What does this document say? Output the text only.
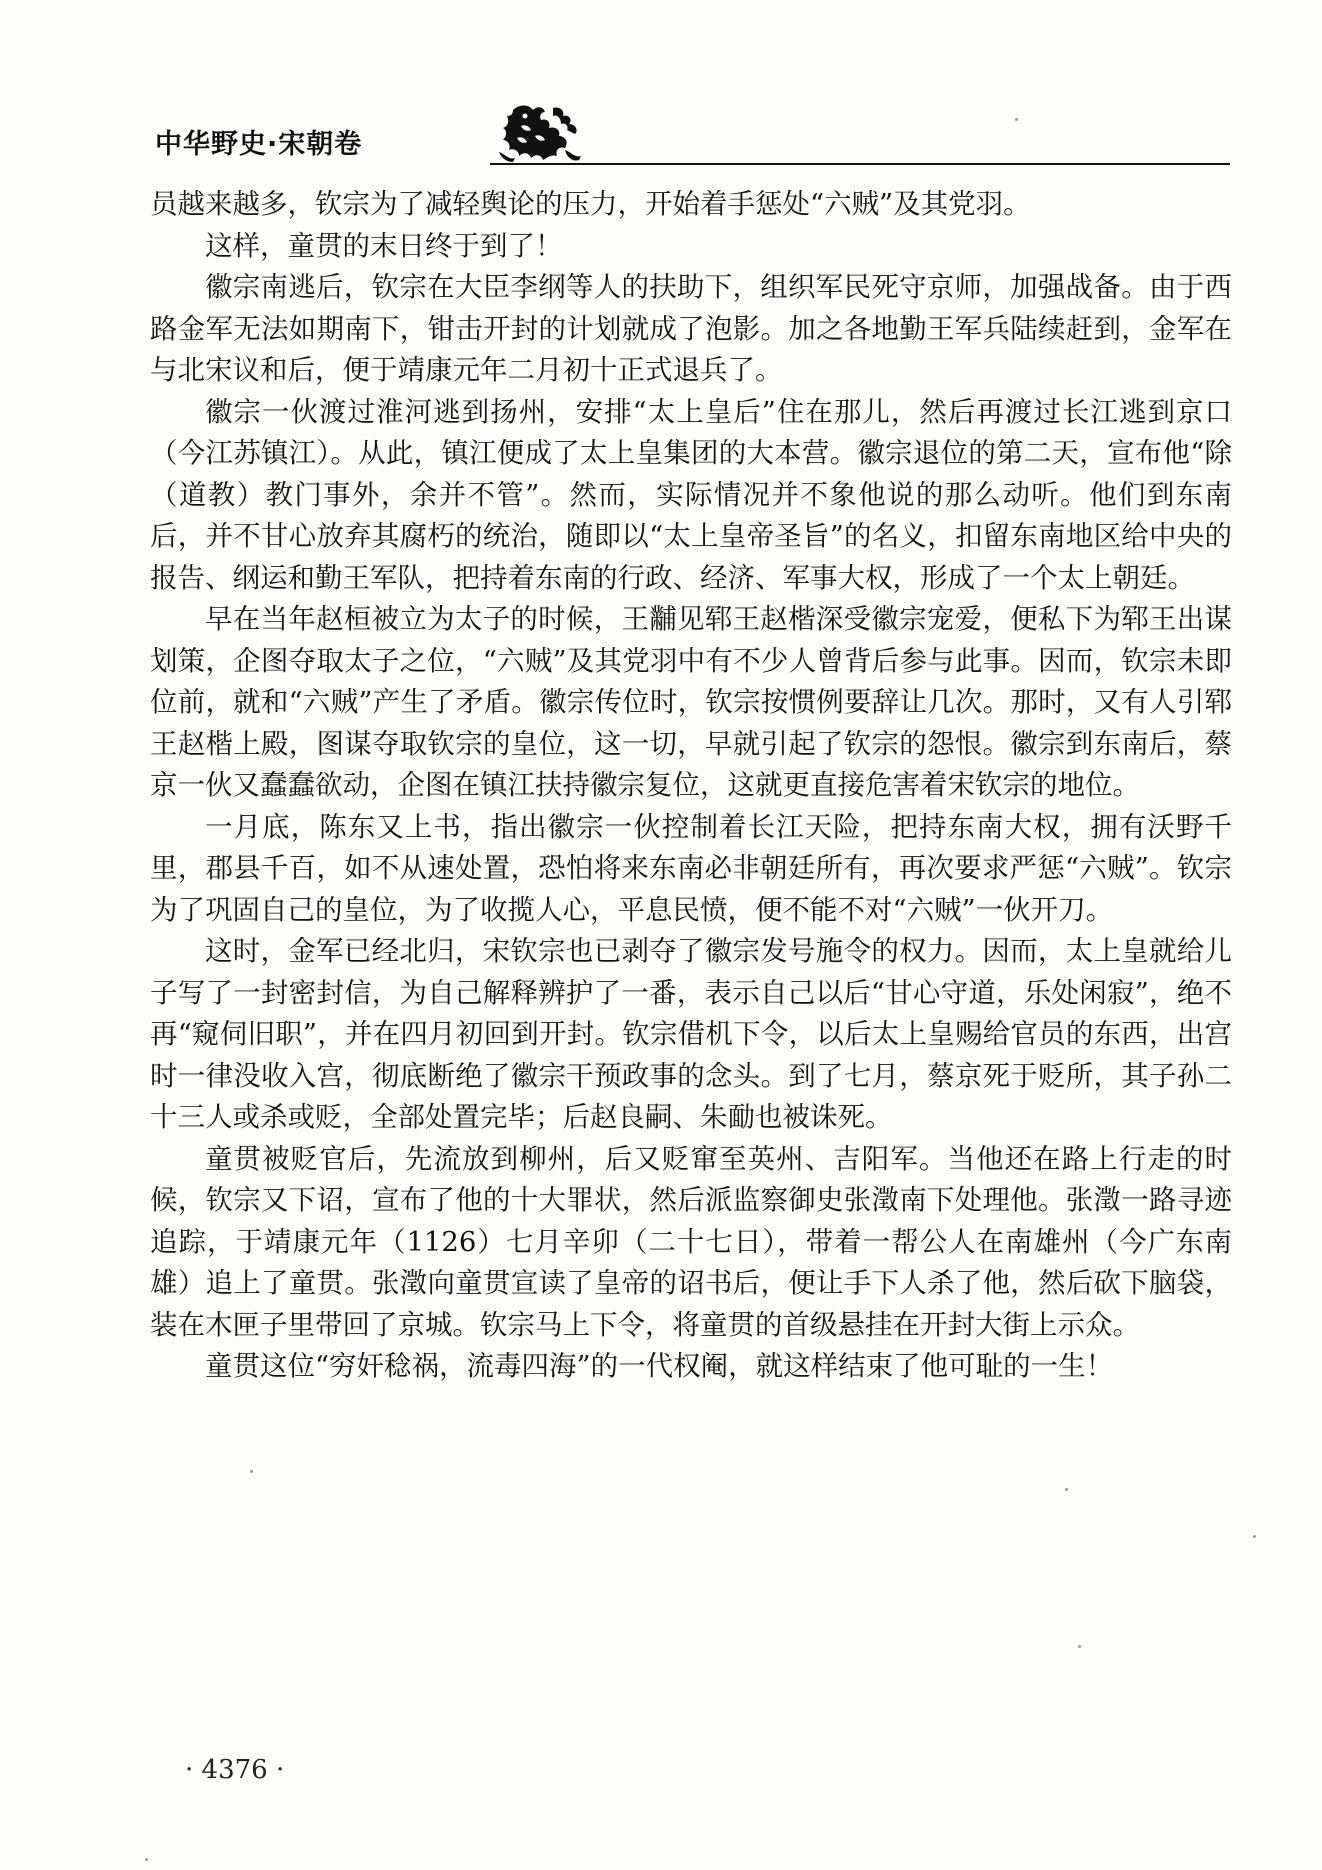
中华野史·宋朝卷

员越来越多，钦宗为了减轻舆论的压力，开始着手惩处“六贼”及其党羽。

这样，童贯的末日终于到了！

徽宗南逃后，钦宗在大臣李纲等人的扶助下，组织军民死守京师，加强战备。由于西路金军无法如期南下，钳击开封的计划就成了泡影。加之各地勤王军兵陆续赶到，金军在与北宋议和后，便于靖康元年二月初十正式退兵了。

徽宗一伙渡过淮河逃到扬州，安排“太上皇后”住在那儿，然后再渡过长江逃到京口（今江苏镇江）。从此，镇江便成了太上皇集团的大本营。徽宗退位的第二天，宣布他“除（道教）教门事外，余并不管”。然而，实际情况并不象他说的那么动听。他们到东南后，并不甘心放弃其腐朽的统治，随即以“太上皇帝圣旨”的名义，扣留东南地区给中央的报告、纲运和勤王军队，把持着东南的行政、经济、军事大权，形成了一个太上朝廷。

早在当年赵桓被立为太子的时候，王黼见郓王赵楷深受徽宗宠爱，便私下为郓王出谋划策，企图夺取太子之位，“六贼”及其党羽中有不少人曾背后参与此事。因而，钦宗未即位前，就和“六贼”产生了矛盾。徽宗传位时，钦宗按惯例要辞让几次。那时，又有人引郓王赵楷上殿，图谋夺取钦宗的皇位，这一切，早就引起了钦宗的怨恨。徽宗到东南后，蔡京一伙又蠢蠢欲动，企图在镇江扶持徽宗复位，这就更直接危害着宋钦宗的地位。

一月底，陈东又上书，指出徽宗一伙控制着长江天险，把持东南大权，拥有沃野千里，郡县千百，如不从速处置，恐怕将来东南必非朝廷所有，再次要求严惩“六贼”。钦宗为了巩固自己的皇位，为了收揽人心，平息民愤，便不能不对“六贼”一伙开刀。

这时，金军已经北归，宋钦宗也已剥夺了徽宗发号施令的权力。因而，太上皇就给儿子写了一封密封信，为自己解释辨护了一番，表示自己以后“甘心守道，乐处闲寂”，绝不再“窥伺旧职”，并在四月初回到开封。钦宗借机下令，以后太上皇赐给官员的东西，出宫时一律没收入宫，彻底断绝了徽宗干预政事的念头。到了七月，蔡京死于贬所，其子孙二十三人或杀或贬，全部处置完毕；后赵良嗣、朱勔也被诛死。

童贯被贬官后，先流放到柳州，后又贬窜至英州、吉阳军。当他还在路上行走的时候，钦宗又下诏，宣布了他的十大罪状，然后派监察御史张澂南下处理他。张澂一路寻迹追踪，于靖康元年（1126）七月辛卯（二十七日），带着一帮公人在南雄州（今广东南雄）追上了童贯。张澂向童贯宣读了皇帝的诏书后，便让手下人杀了他，然后砍下脑袋，装在木匣子里带回了京城。钦宗马上下令，将童贯的首级悬挂在开封大街上示众。

童贯这位“穷奸稔祸，流毒四海”的一代权阉，就这样结束了他可耻的一生！

· 4376 ·
